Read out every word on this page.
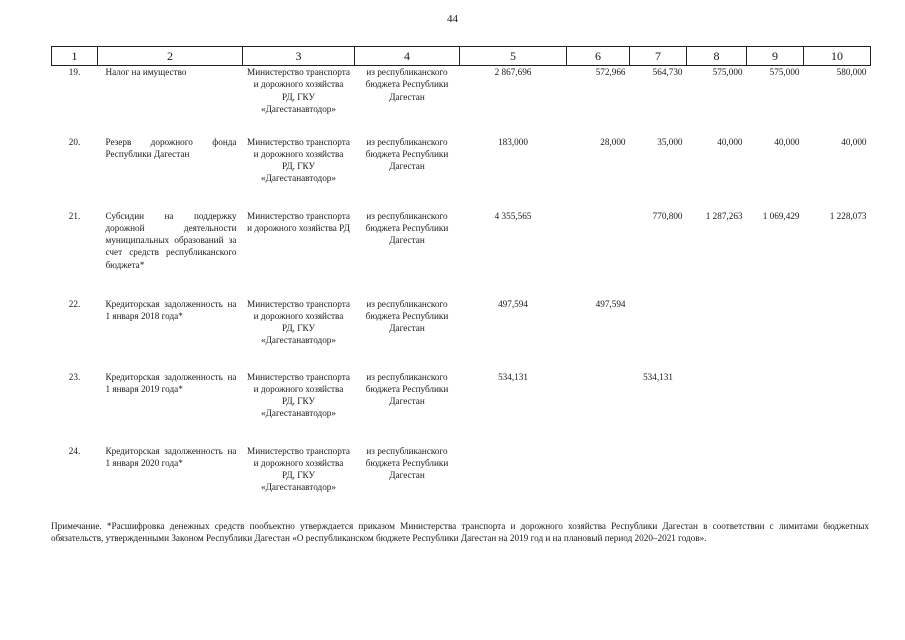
44
1	2	3	4	5	6	7	8	9	10
19.	Налог на имущество	Министерство транспорта и дорожного хозяйства РД, ГКУ «Дагестанавтодор»	из республиканского бюджета Республики Дагестан	2 867,696	572,966	564,730	575,000	575,000	580,000
20.	Резерв дорожного фонда Республики Дагестан	Министерство транспорта и дорожного хозяйства РД, ГКУ «Дагестанавтодор»	из республиканского бюджета Республики Дагестан	183,000	28,000	35,000	40,000	40,000	40,000
21.	Субсидии на поддержку дорожной деятельности муниципальных образований за счет средств республиканского бюджета*	Министерство транспорта и дорожного хозяйства РД	из республиканского бюджета Республики Дагестан	4 355,565		770,800	1 287,263	1 069,429	1 228,073
22.	Кредиторская задолженность на 1 января 2018 года*	Министерство транспорта и дорожного хозяйства РД, ГКУ «Дагестанавтодор»	из республиканского бюджета Республики Дагестан	497,594	497,594				
23.	Кредиторская задолженность на 1 января 2019 года*	Министерство транспорта и дорожного хозяйства РД, ГКУ «Дагестанавтодор»	из республиканского бюджета Республики Дагестан	534,131		534,131			
24.	Кредиторская задолженность на 1 января 2020 года*	Министерство транспорта и дорожного хозяйства РД, ГКУ «Дагестанавтодор»	из республиканского бюджета Республики Дагестан						
Примечание. *Расшифровка денежных средств пообъектно утверждается приказом Министерства транспорта и дорожного хозяйства Республики Дагестан в соответствии с лимитами бюджетных обязательств, утвержденными Законом Республики Дагестан «О республиканском бюджете Республики Дагестан на 2019 год и на плановый период 2020–2021 годов».
